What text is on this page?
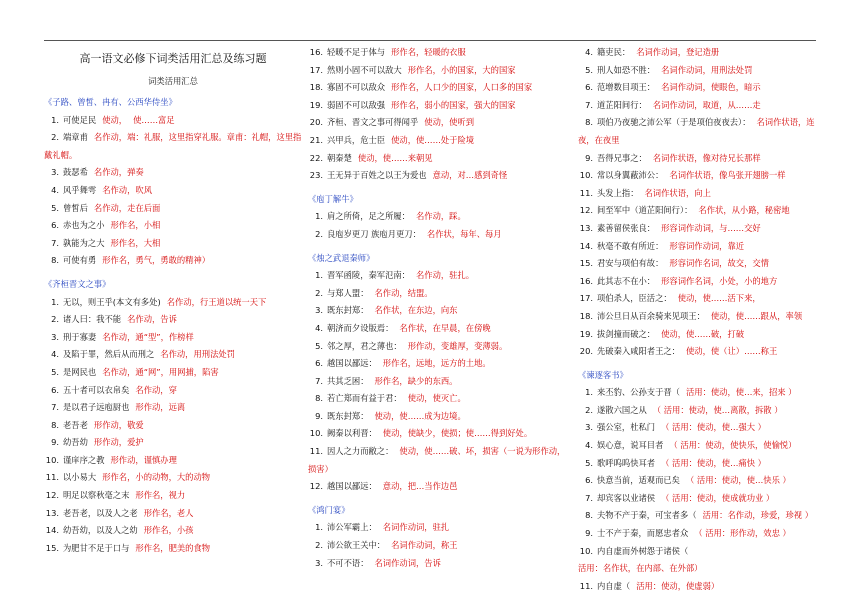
高一语文必修下词类活用汇总及练习题
词类活用汇总
《子路、曾皙、冉有、公西华侍坐》
1. 可使足民 使动， 使……富足
2. 端章甫 名作动，端：礼服，这里指穿礼服。章甫：礼帽，这里指戴礼帽。
3. 鼓瑟希 名作动，弹奏
4. 风乎舞雩 名作动，吹风
5. 曾皙后 名作动，走在后面
6. 赤也为之小 形作名，小相
7. 孰能为之大 形作名，大相
8. 可使有勇 形作名，勇气，勇敢的精神）
《齐桓晋文之事》
1. 无以，则王乎(本文有多处) 名作动，行王道以统一天下
2. 诸人曰：我不能 名作动，告诉
3. 刑于寡妻 名作动，通“型”，作榜样
4. 及陷于罪，然后从而刑之 名作动，用刑法处罚
5. 是网民也 名作动，通“网”，用网捕，陷害
6. 五十者可以衣帛矣 名作动，穿
7. 是以君子远庖厨也 形作动，远离
8. 老吾老 形作动，敬爱
9. 幼吾幼 形作动，爱护
10. 谨庠序之教 形作动，谨慎办理
11. 以小易大 形作名，小的动物，大的动物
12. 明足以察秋毫之末 形作名，视力
13. 老吾老，以及人之老 形作名，老人
14. 幼吾幼，以及人之幼 形作名，小孩
15. 为肥甘不足于口与 形作名，肥美的食物
16. 轻暖不足于体与 形作名，轻暖的衣服
17. 然则小固不可以敌大 形作名，小的国家，大的国家
18. 寡固不可以敌众 形作名，人口少的国家，人口多的国家
19. 弱固不可以敌强 形作名，弱小的国家，强大的国家
20. 齐桓、晋文之事可得闻乎 使动，使听到
21. 兴甲兵，危士臣 使动，使……处于险境
22. 朝秦楚 使动，使……来朝见
23. 王无异于百姓之以王为爱也 意动，对…感到奇怪
《庖丁解牛》
1. 肩之所倚，足之所履： 名作动，踩。
2. 良庖岁更刀 族庖月更刀： 名作状，每年、每月
《烛之武退秦师》
1. 晋军函陵，秦军氾南： 名作动，驻扎。
2. 与郑人盟： 名作动，结盟。
3. 既东封郑： 名作状，在东边，向东
4. 朝济而夕设版焉： 名作状，在早晨，在傍晚
5. 邻之厚，君之薄也： 形作动，变雄厚，变薄弱。
6. 越国以鄙远： 形作名，远地，远方的土地。
7. 共其乏困： 形作名，缺少的东西。
8. 若亡郑而有益于君： 使动，使灭亡。
9. 既东封郑： 使动，使……成为边境。
10. 阙秦以利晋： 使动，使缺少，使损；使……得到好处。
11. 因人之力而敝之： 使动，使……破、坏，损害（一说为形作动，损害）
12. 越国以鄙远： 意动，把…当作边邑
《鸿门宴》
1. 沛公军霸上： 名词作动词，驻扎
2. 沛公欲王关中： 名词作动词，称王
3. 不可不语： 名词作动词，告诉
4. 籍吏民： 名词作动词，登记造册
5. 刑人如恐不胜： 名词作动词，用刑法处罚
6. 范增数目项王： 名词作动词，使眼色，暗示
7. 道芷阳间行： 名词作动词，取道，从……走
8. 项伯乃夜驰之沛公军（于是项伯夜夜去）： 名词作状语，连夜，在夜里
9. 吾得兄事之： 名词作状语，像对待兄长那样
10. 常以身翼蔽沛公： 名词作状语，像鸟张开翅膀一样
11. 头发上指： 名词作状语，向上
12. 间至军中（道芷阳间行）： 名作状，从小路，秘密地
13. 素善留侯张良： 形容词作动词，与……交好
14. 秋毫不敢有所近： 形容词作动词，靠近
15. 君安与项伯有故： 形容词作名词，故交，交情
16. 此其志不在小： 形容词作名词，小处，小的地方
17. 项伯杀人，臣活之： 使动，使……活下来，
18. 沛公旦日从百余骑来见项王： 使动，使……跟从，率领
19. 拔剑撞而破之： 使动，使……破，打破
20. 先破秦入咸阳者王之： 使动，使（让）……称王
《谏逐客书》
1. 来丕豹、公孙支于晋（ 活用：使动，使…来，招来 ）
2. 遂散六国之从 （ 活用：使动，使…离散，拆散 ）
3. 强公室，杜私门 （ 活用：使动，使…强大 ）
4. 娱心意，说耳目者 （ 活用：使动，使快乐，使愉悦）
5. 歌呼呜呜快耳者 （ 活用：使动，使…痛快 ）
6. 快意当前，适观而已矣 （ 活用：使动，使…快乐 ）
7. 却宾客以业诸侯 （ 活用：使动，使成就功业 ）
8. 夫物不产于秦，可宝者多（ 活用：名作动，珍爱，珍视 ）
9. 士不产于秦，而愿忠者众 （ 活用：形作动，效忠 ）
10. 内自虚而外树怨于诸侯（活用：名作状，在内部、在外部）
11. 内自虚（ 活用：使动，使虚弱）
